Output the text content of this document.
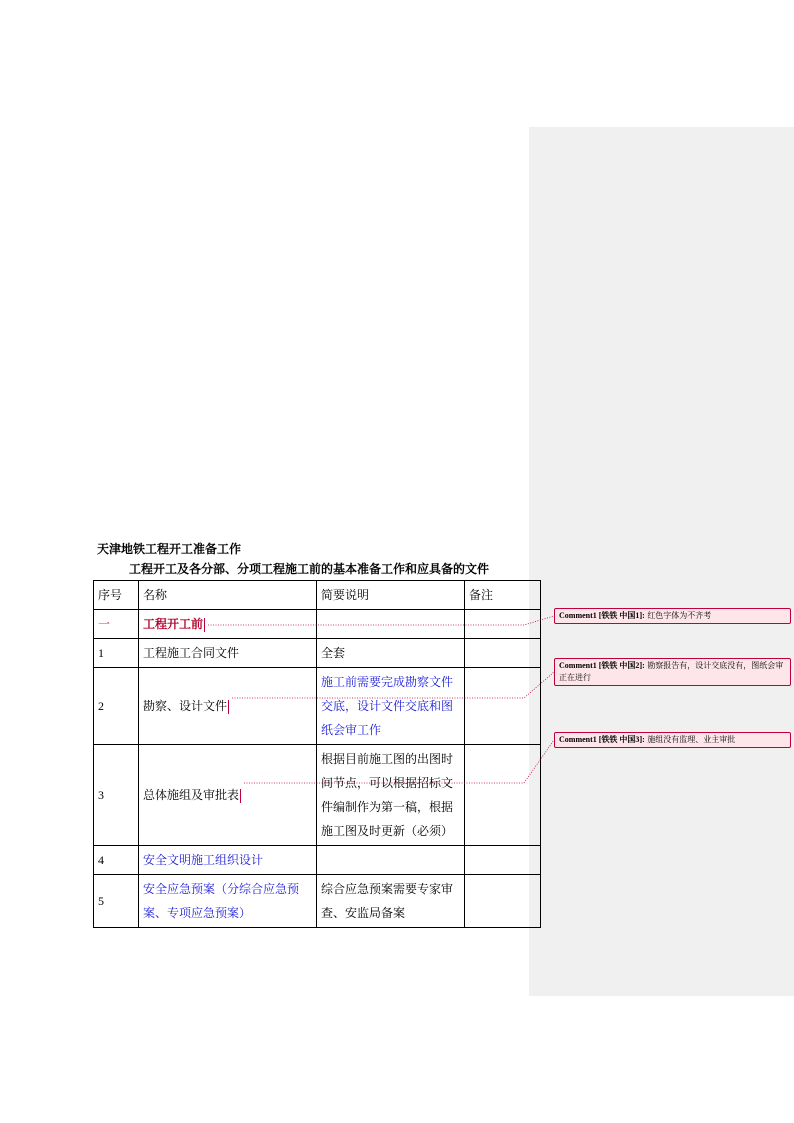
天津地铁工程开工准备工作
工程开工及各分部、分项工程施工前的基本准备工作和应具备的文件
序号	名称	简要说明	备注
一	工程开工前		
1	工程施工合同文件	全套	
2	勘察、设计文件	施工前需要完成勘察文件交底，设计文件交底和图纸会审工作	
3	总体施组及审批表	根据目前施工图的出图时间节点，可以根据招标文件编制作为第一稿，根据施工图及时更新（必须）	
4	安全文明施工组织设计		
5	安全应急预案（分综合应急预案、专项应急预案）	综合应急预案需要专家审查、安监局备案	
Comment1 [铁铁 中国1]: 红色字体为不齐考
Comment1 [铁铁 中国2]: 勘察报告有，设计交底没有，图纸会审正在进行
Comment1 [铁铁 中国3]: 施组没有监理、业主审批
